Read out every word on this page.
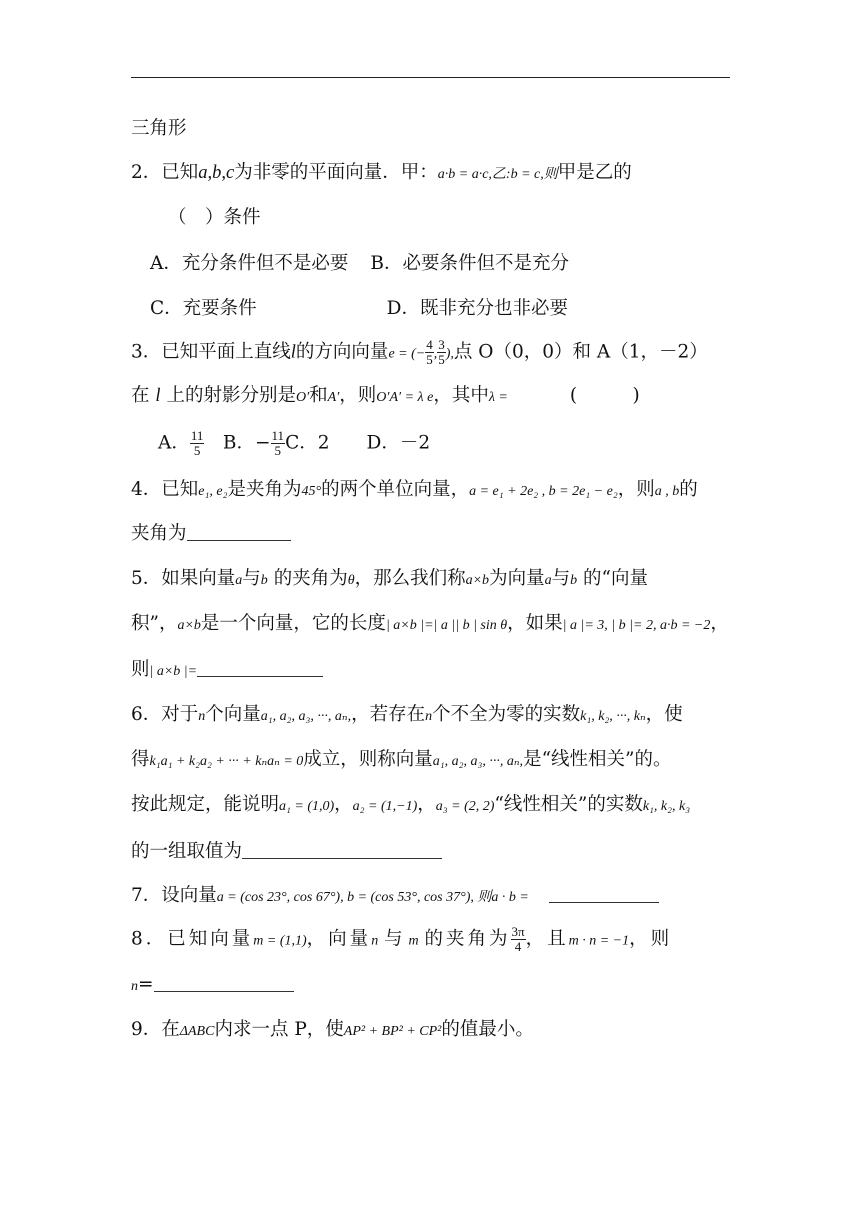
三角形
2．已知a,b,c为非零的平面向量．甲：a·b = a·c,乙:b = c,则甲是乙的
（　）条件
A．充分条件但不是必要 B．必要条件但不是充分
C．充要条件	D．既非充分也非必要
3．已知平面上直线l的方向向量e = (− $\frac{4}{5}$ , $\frac{3}{5}$ ),点 O（0，0）和 A（1，－2）
在 l 上的射影分别是O′和A′，则O′A′ = λ e，其中λ =	(　　　)
A． $\frac{11}{5}$
　 B．− $\frac{11}{5}$ C．2　　D．－2
4．已知e₁, e₂是夹角为45°的两个单位向量，a = e₁ + 2e₂ , b = 2e₁ − e₂，则a , b的
夹角为
5．如果向量a与b 的夹角为θ，那么我们称a×b为向量a与b 的“向量
积”，a×b是一个向量，它的长度| a×b |=| a || b | sin θ，如果| a |= 3, | b |= 2, a·b = −2，
则| a×b |=
6．对于n个向量a₁, a₂, a₃, ···, aₙ,，若存在n个不全为零的实数k₁, k₂, ···, kₙ，使
得k₁a₁ + k₂a₂ + ··· + kₙaₙ = 0成立，则称向量a₁, a₂, a₃, ···, aₙ,是“线性相关”的。
按此规定，能说明a₁ = (1,0)，a₂ = (1,−1)，a₃ = (2, 2)“线性相关”的实数k₁, k₂, k₃
的一组取值为
7．设向量a = (cos 23°, cos 67°), b = (cos 53°, cos 37°), 则a · b =
8．已知向量m = (1,1)，向量n 与 m 的夹角为 $\frac{3\pi}{4}$ ，且m · n = −1，则
n=
9．在ΔABC内求一点 P，使AP² + BP² + CP²的值最小。
